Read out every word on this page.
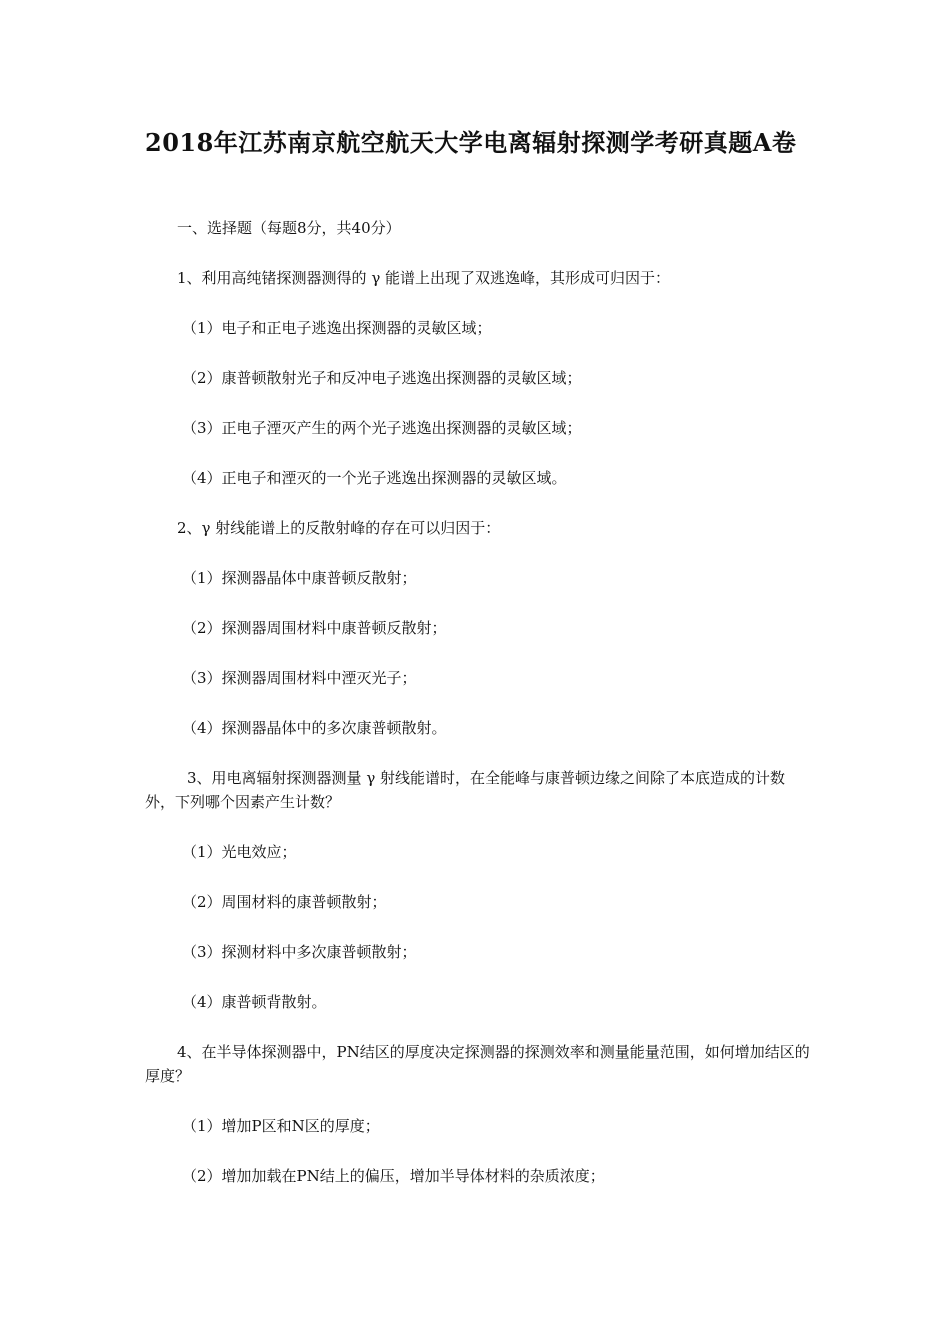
2018年江苏南京航空航天大学电离辐射探测学考研真题A卷
一、选择题（每题8分，共40分）
1、利用高纯锗探测器测得的 γ 能谱上出现了双逃逸峰，其形成可归因于：
（1）电子和正电子逃逸出探测器的灵敏区域；
（2）康普顿散射光子和反冲电子逃逸出探测器的灵敏区域；
（3）正电子湮灭产生的两个光子逃逸出探测器的灵敏区域；
（4）正电子和湮灭的一个光子逃逸出探测器的灵敏区域。
2、γ 射线能谱上的反散射峰的存在可以归因于：
（1）探测器晶体中康普顿反散射；
（2）探测器周围材料中康普顿反散射；
（3）探测器周围材料中湮灭光子；
（4）探测器晶体中的多次康普顿散射。
3、用电离辐射探测器测量 γ 射线能谱时，在全能峰与康普顿边缘之间除了本底造成的计数外，下列哪个因素产生计数？
（1）光电效应；
（2）周围材料的康普顿散射；
（3）探测材料中多次康普顿散射；
（4）康普顿背散射。
4、在半导体探测器中，PN结区的厚度决定探测器的探测效率和测量能量范围，如何增加结区的厚度？
（1）增加P区和N区的厚度；
（2）增加加载在PN结上的偏压，增加半导体材料的杂质浓度；
